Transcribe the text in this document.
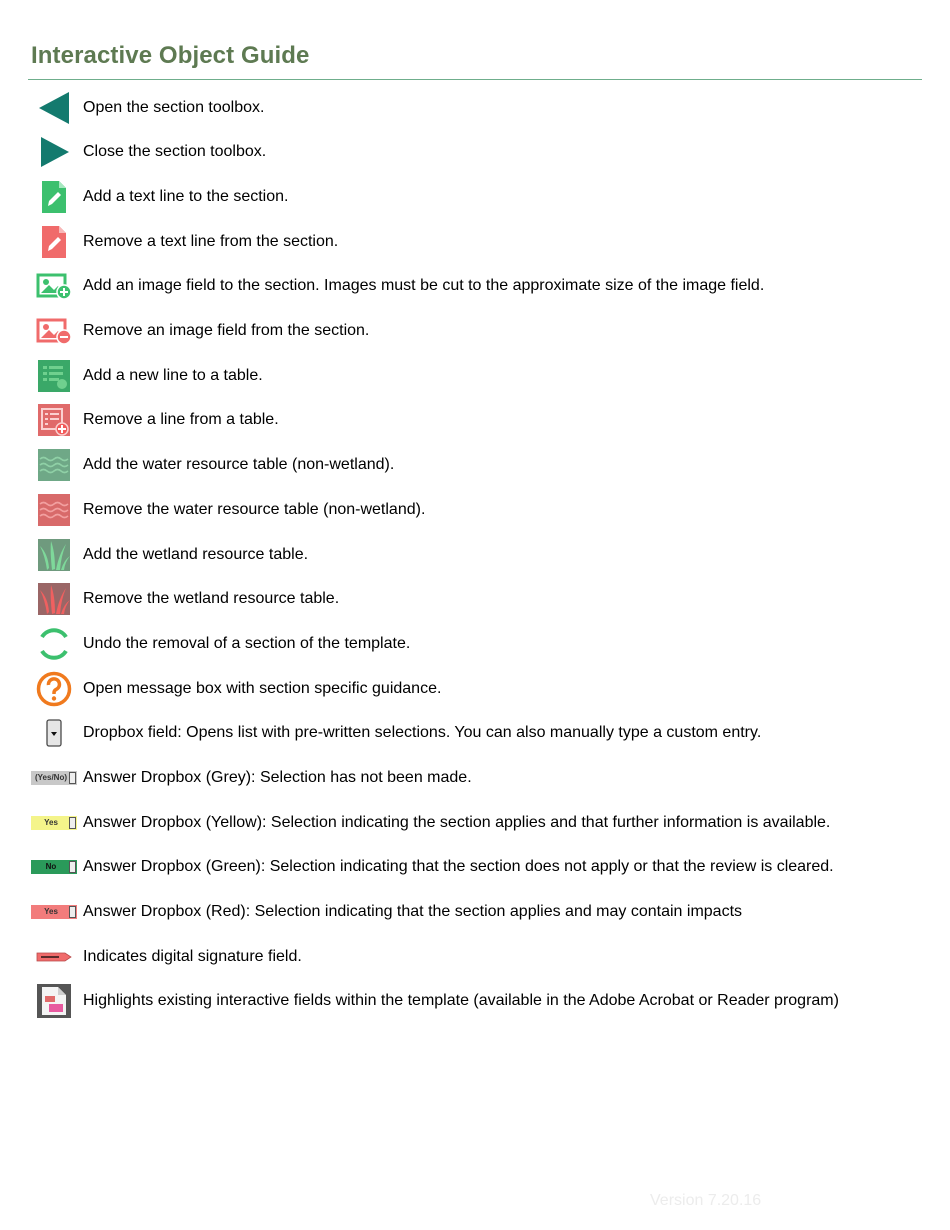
Interactive Object Guide
Open the section toolbox.
Close the section toolbox.
Add a text line to the section.
Remove a text line from the section.
Add an image field to the section. Images must be cut to the approximate size of the image field.
Remove an image field from the section.
Add a new line to a table.
Remove a line from a table.
Add the water resource table (non-wetland).
Remove the water resource table (non-wetland).
Add the wetland resource table.
Remove the wetland resource table.
Undo the removal of a section of the template.
Open message box with section specific guidance.
Dropbox field: Opens list with pre-written selections. You can also manually type a custom entry.
(Yes/No) Answer Dropbox (Grey): Selection has not been made.
Yes	Answer Dropbox (Yellow): Selection indicating the section applies and that further information is available.
No	Answer Dropbox (Green): Selection indicating that the section does not apply or that the review is cleared.
Yes	Answer Dropbox (Red): Selection indicating that the section applies and may contain impacts
Indicates digital signature field.
Highlights existing interactive fields within the template (available in the Adobe Acrobat or Reader program)
Version 7.20.16
